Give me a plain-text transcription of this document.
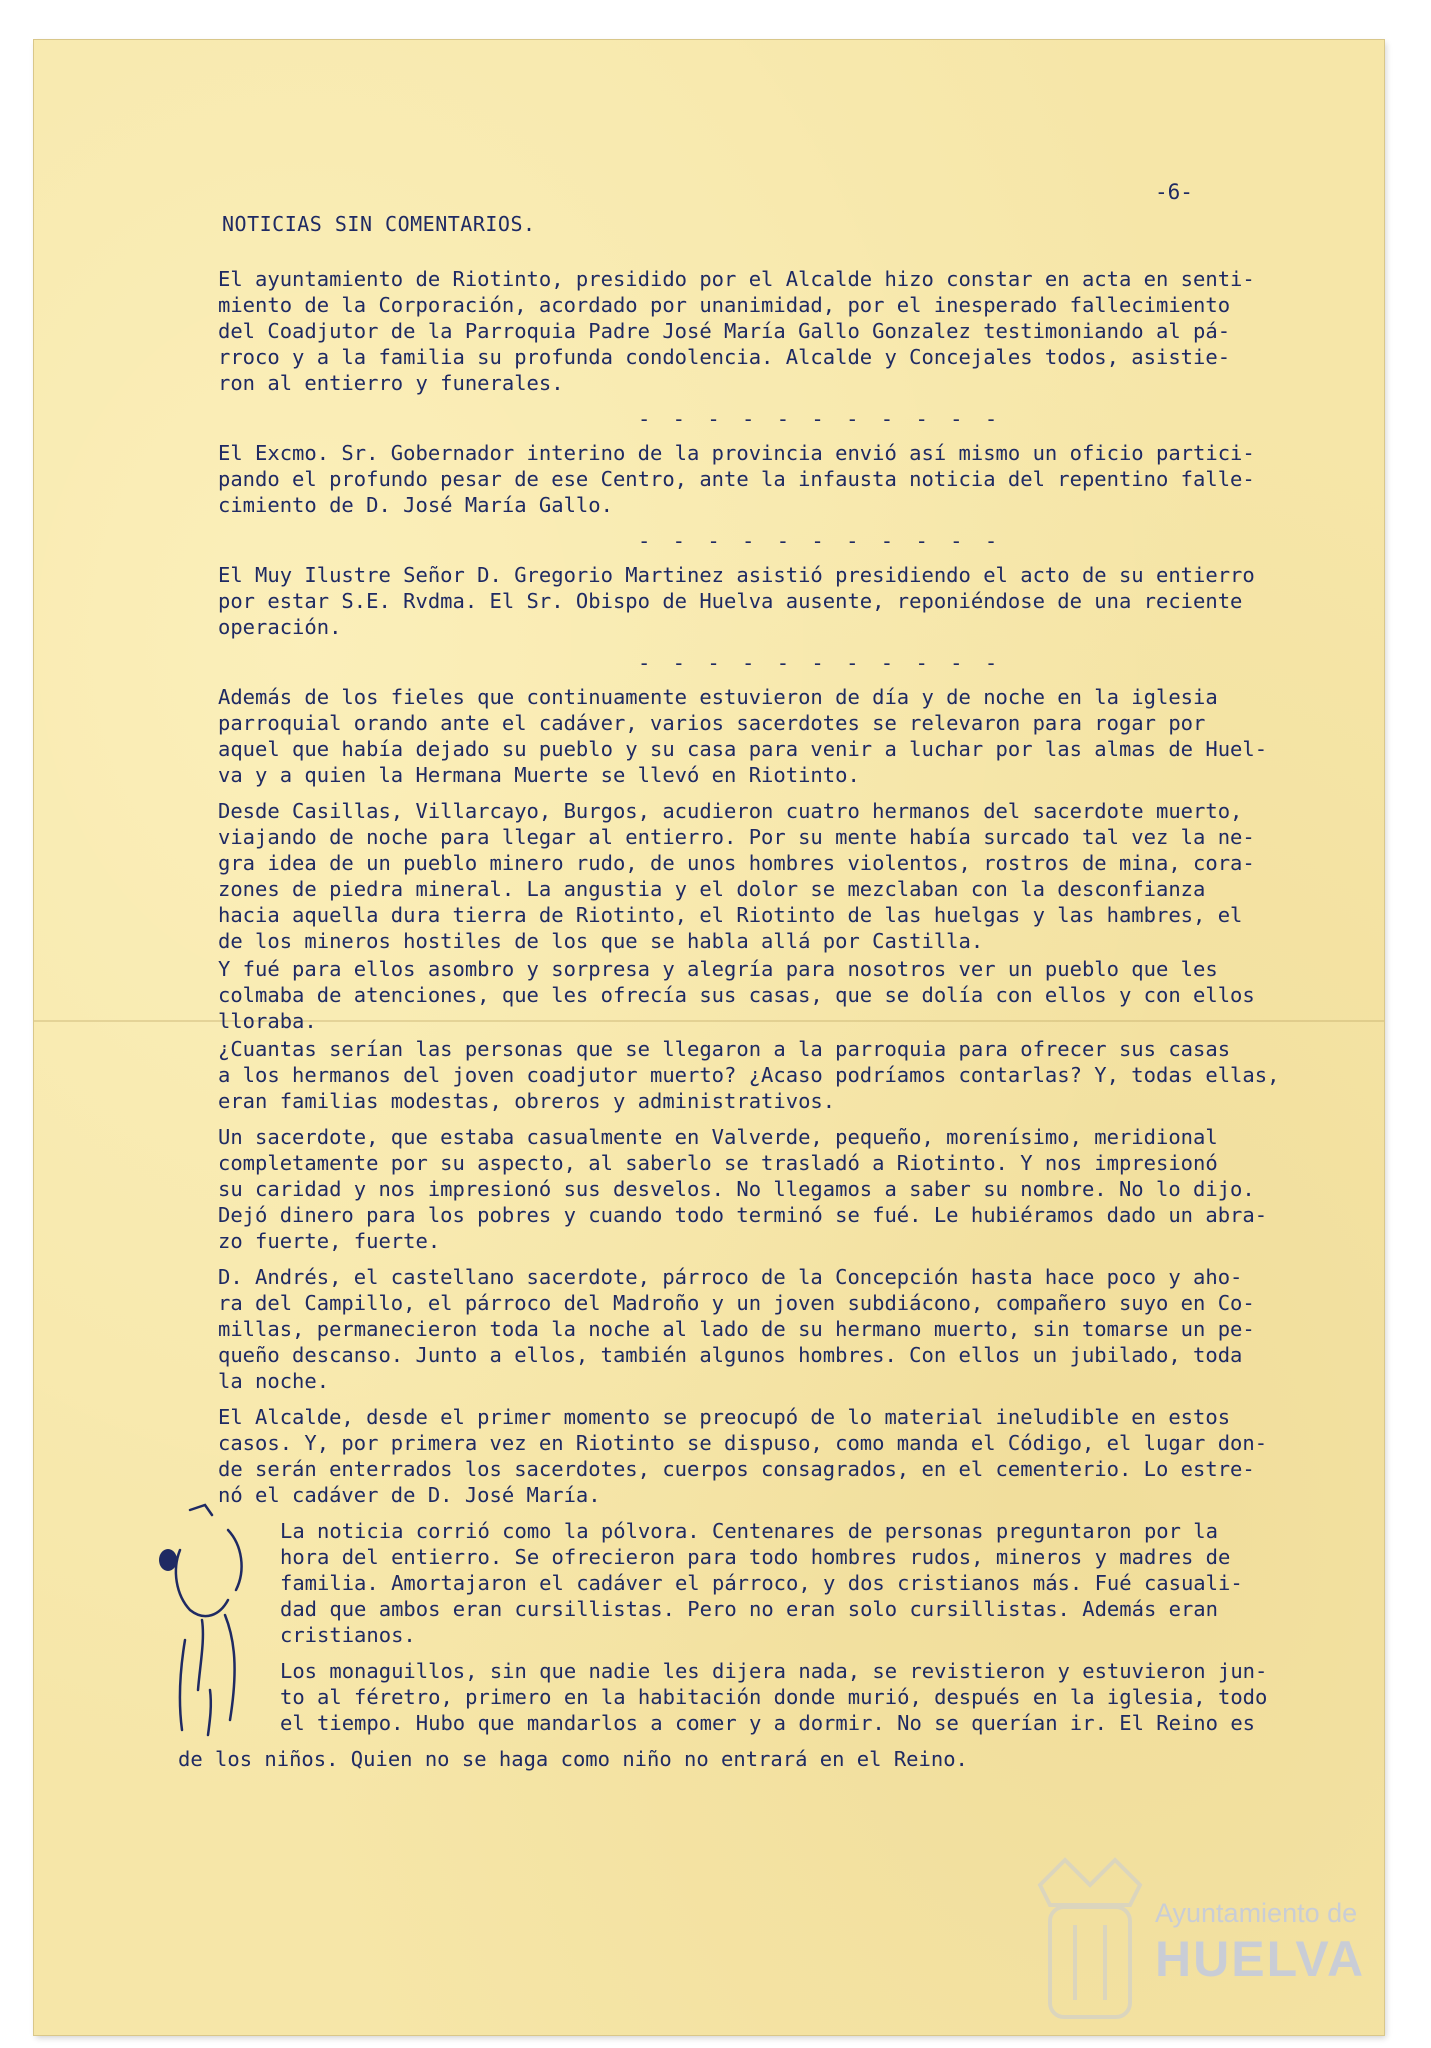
-6-
NOTICIAS SIN COMENTARIOS.
El ayuntamiento de Riotinto, presidido por el Alcalde hizo constar en acta en senti-
miento de la Corporación, acordado por unanimidad, por el inesperado fallecimiento
del Coadjutor de la Parroquia Padre José María Gallo Gonzalez testimoniando al pá-
rroco y a la familia su profunda condolencia. Alcalde y Concejales todos, asistie-
ron al entierro y funerales.
- - - - - - - - - - -
El Excmo. Sr. Gobernador interino de la provincia envió así mismo un oficio partici-
pando el profundo pesar de ese Centro, ante la infausta noticia del repentino falle-
cimiento de D. José María Gallo.
- - - - - - - - - - -
El Muy Ilustre Señor D. Gregorio Martinez asistió presidiendo el acto de su entierro
por estar S.E. Rvdma. El Sr. Obispo de Huelva ausente, reponiéndose de una reciente
operación.
- - - - - - - - - - -
Además de los fieles que continuamente estuvieron de día y de noche en la iglesia
parroquial orando ante el cadáver, varios sacerdotes se relevaron para rogar por
aquel que había dejado su pueblo y su casa para venir a luchar por las almas de Huel-
va y a quien la Hermana Muerte se llevó en Riotinto.
Desde Casillas, Villarcayo, Burgos, acudieron cuatro hermanos del sacerdote muerto,
viajando de noche para llegar al entierro. Por su mente había surcado tal vez la ne-
gra idea de un pueblo minero rudo, de unos hombres violentos, rostros de mina, cora-
zones de piedra mineral. La angustia y el dolor se mezclaban con la desconfianza
hacia aquella dura tierra de Riotinto, el Riotinto de las huelgas y las hambres, el
de los mineros hostiles de los que se habla allá por Castilla.
Y fué para ellos asombro y sorpresa y alegría para nosotros ver un pueblo que les
colmaba de atenciones, que les ofrecía sus casas, que se dolía con ellos y con ellos
lloraba.
¿Cuantas serían las personas que se llegaron a la parroquia para ofrecer sus casas
a los hermanos del joven coadjutor muerto? ¿Acaso podríamos contarlas? Y, todas ellas,
eran familias modestas, obreros y administrativos.
Un sacerdote, que estaba casualmente en Valverde, pequeño, morenísimo, meridional
completamente por su aspecto, al saberlo se trasladó a Riotinto. Y nos impresionó
su caridad y nos impresionó sus desvelos. No llegamos a saber su nombre. No lo dijo.
Dejó dinero para los pobres y cuando todo terminó se fué. Le hubiéramos dado un abra-
zo fuerte, fuerte.
D. Andrés, el castellano sacerdote, párroco de la Concepción hasta hace poco y aho-
ra del Campillo, el párroco del Madroño y un joven subdiácono, compañero suyo en Co-
millas, permanecieron toda la noche al lado de su hermano muerto, sin tomarse un pe-
queño descanso. Junto a ellos, también algunos hombres. Con ellos un jubilado, toda
la noche.
El Alcalde, desde el primer momento se preocupó de lo material ineludible en estos
casos. Y, por primera vez en Riotinto se dispuso, como manda el Código, el lugar don-
de serán enterrados los sacerdotes, cuerpos consagrados, en el cementerio. Lo estre-
nó el cadáver de D. José María.
La noticia corrió como la pólvora. Centenares de personas preguntaron por la
hora del entierro. Se ofrecieron para todo hombres rudos, mineros y madres de
familia. Amortajaron el cadáver el párroco, y dos cristianos más. Fué casuali-
dad que ambos eran cursillistas. Pero no eran solo cursillistas. Además eran
cristianos.
Los monaguillos, sin que nadie les dijera nada, se revistieron y estuvieron jun-
to al féretro, primero en la habitación donde murió, después en la iglesia, todo
el tiempo. Hubo que mandarlos a comer y a dormir. No se querían ir. El Reino es
de los niños. Quien no se haga como niño no entrará en el Reino.
Ayuntamiento de
HUELVA
